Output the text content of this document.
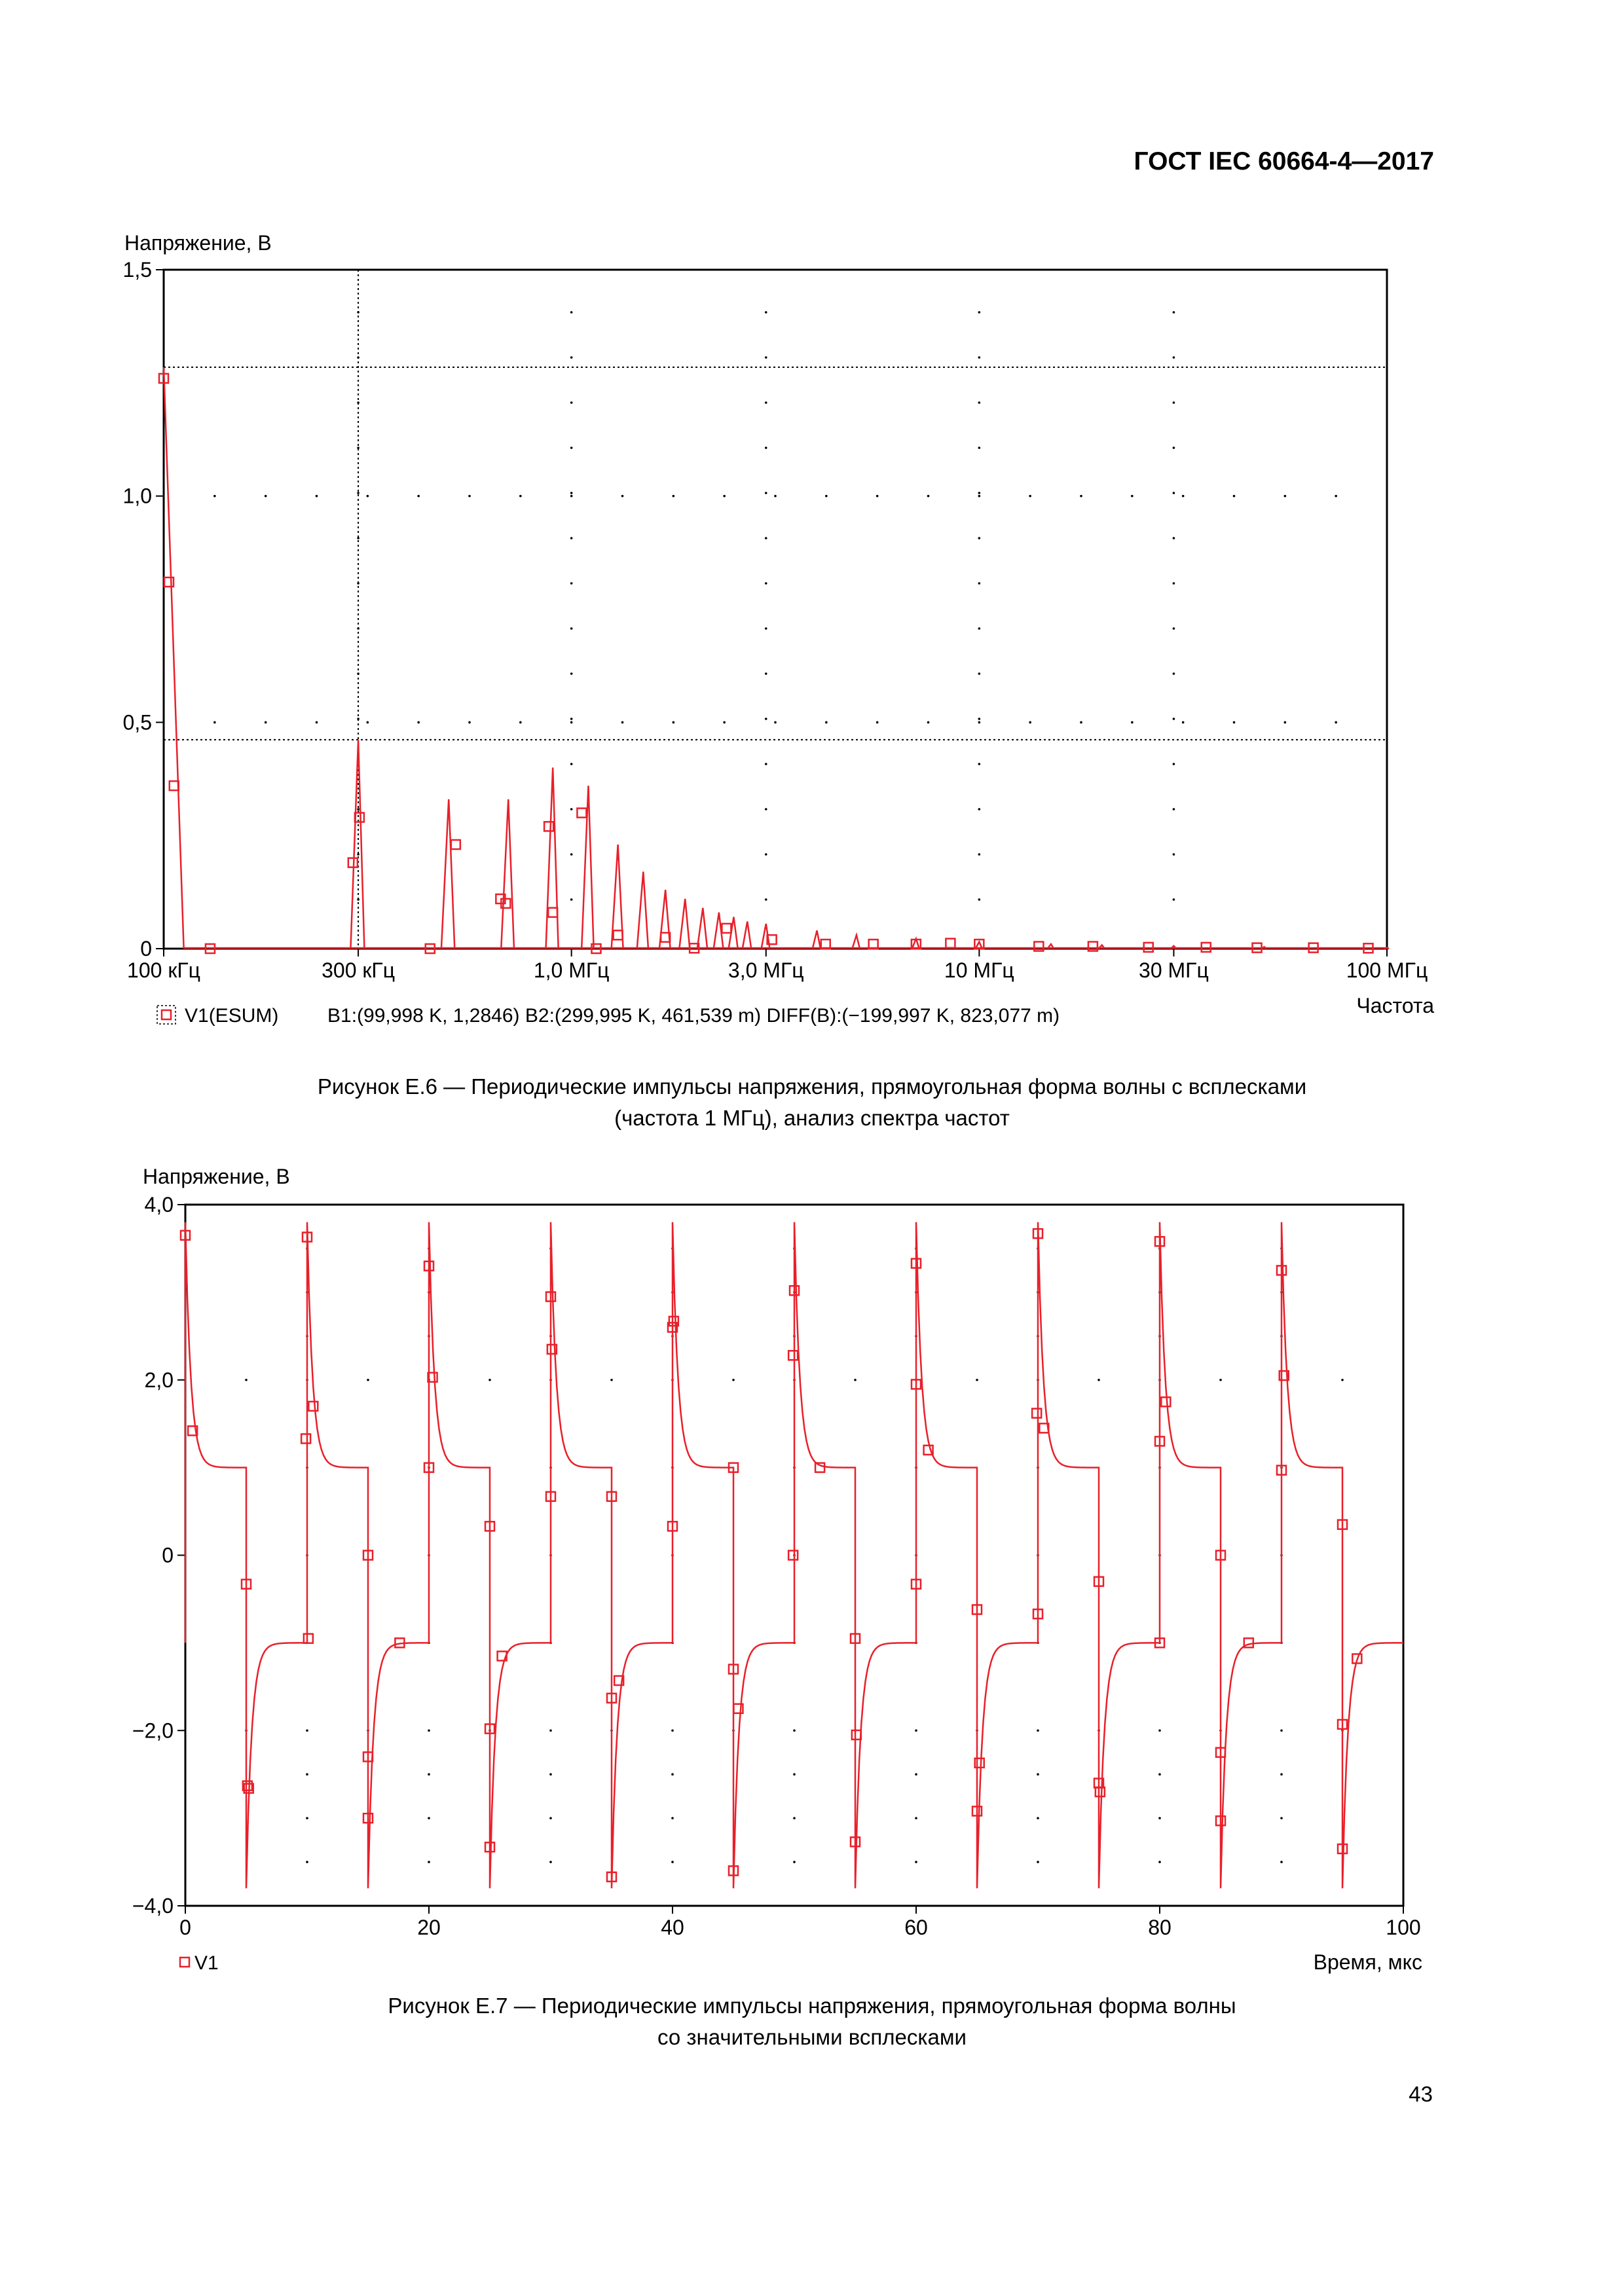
ГОСТ IEC 60664-4—2017
Напряжение, В
100 кГц	300 кГц	1,0 МГц	3,0 МГц	10 МГц	30 МГц	100 МГц
0
0,5
1,0
1,5
Частота
V1(ESUM) B1:(99,998 K, 1,2846) B2:(299,995 K, 461,539 m) DIFF(B):(−199,997 K, 823,077 m)
Рисунок Е.6 — Периодические импульсы напряжения, прямоугольная форма волны с всплесками
(частота 1 МГц), анализ спектра частот
Напряжение, В
0	20	40	60	80	100
−4,0
−2,0
0
2,0
4,0
Время, мкс
V1
Рисунок Е.7 — Периодические импульсы напряжения, прямоугольная форма волны
со значительными всплесками
43
